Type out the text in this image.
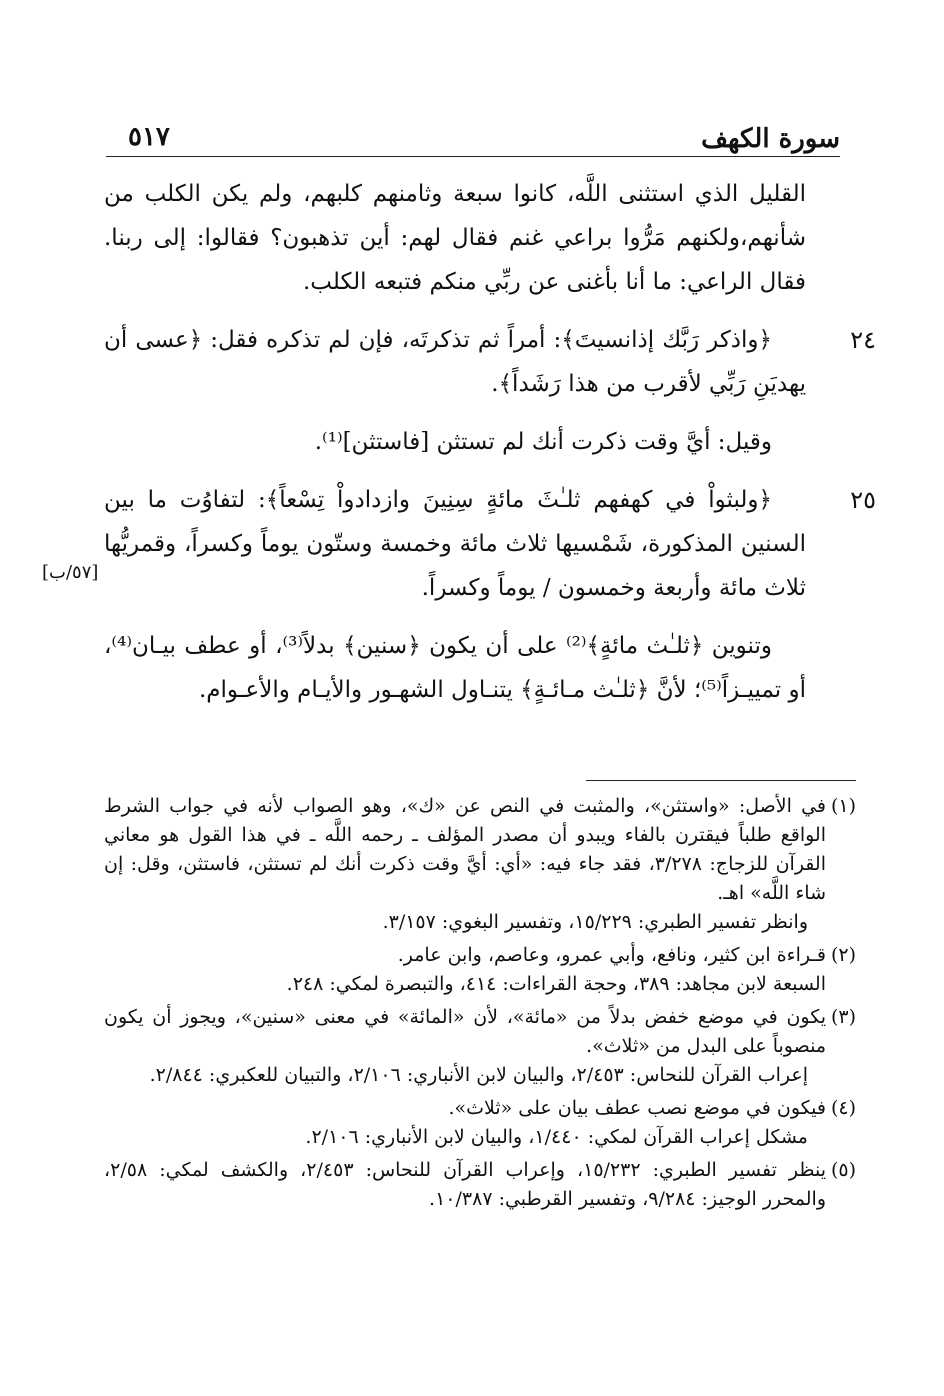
سورة الكهف
٥١٧

القليل الذي استثنى اللَّه، كانوا سبعة وثامنهم كلبهم، ولم يكن الكلب من شأنهم،ولكنهم مَرُّوا براعي غنم فقال لهم: أين تذهبون؟ فقالوا: إلى ربنا. فقال الراعي: ما أنا بأغنى عن ربِّي منكم فتبعه الكلب.

٢٤

﴿واذكر رَبَّك إذانسيتَ﴾: أمراً ثم تذكرتَه، فإن لم تذكره فقل: ﴿عسى أن يهديَنِ رَبِّي لأقرب من هذا رَشَداً﴾.

وقيل: أيَّ وقت ذكرت أنك لم تستثن [فاستثن]⁽¹⁾.

٢٥

﴿ولبثواْ في كهفهم ثلـٰثَ مائةٍ سِنِينَ وازدادواْ تِسْعاً﴾: لتفاوُت ما بين السنين المذكورة، شَمْسيها ثلاث مائة وخمسة وستّون يوماً وكسراً، وقمريُّها ثلاث مائة وأربعة وخمسون / يوماً وكسراً.

وتنوين ﴿ثلـٰث مائةٍ﴾⁽²⁾ على أن يكون ﴿سنين﴾ بدلاً⁽³⁾، أو عطف بيـان⁽⁴⁾، أو تمييـزاً⁽⁵⁾؛ لأنَّ ﴿ثلـٰث مـائـةٍ﴾ يتنـاول الشهـور والأيـام والأعـوام.

[٥٧/ب]
(١)

في الأصل: «واستثن»، والمثبت في النص عن «ك»، وهو الصواب لأنه في جواب الشرط الواقع طلباً فيقترن بالفاء ويبدو أن مصدر المؤلف ـ رحمه اللَّه ـ في هذا القول هو معاني القرآن للزجاج: ٣/٢٧٨، فقد جاء فيه: «أي: أيَّ وقت ذكرت أنك لم تستثن، فاستثن، وقل: إن شاء اللَّه» اهـ.

وانظر تفسير الطبري: ١٥/٢٢٩، وتفسير البغوي: ٣/١٥٧.

(٢)

قـراءة ابن كثير، ونافع، وأبي عمرو، وعاصم، وابن عامر.

السبعة لابن مجاهد: ٣٨٩، وحجة القراءات: ٤١٤، والتبصرة لمكي: ٢٤٨.

(٣)

يكون في موضع خفض بدلاً من «مائة»، لأن «المائة» في معنى «سنين»، ويجوز أن يكون منصوباً على البدل من «ثلاث».

إعراب القرآن للنحاس: ٢/٤٥٣، والبيان لابن الأنباري: ٢/١٠٦، والتبيان للعكبري: ٢/٨٤٤.

(٤)

فيكون في موضع نصب عطف بيان على «ثلاث».

مشكل إعراب القرآن لمكي: ١/٤٤٠، والبيان لابن الأنباري: ٢/١٠٦.

(٥)

ينظر تفسير الطبري: ١٥/٢٣٢، وإعراب القرآن للنحاس: ٢/٤٥٣، والكشف لمكي: ٢/٥٨، والمحرر الوجيز: ٩/٢٨٤، وتفسير القرطبي: ١٠/٣٨٧.
